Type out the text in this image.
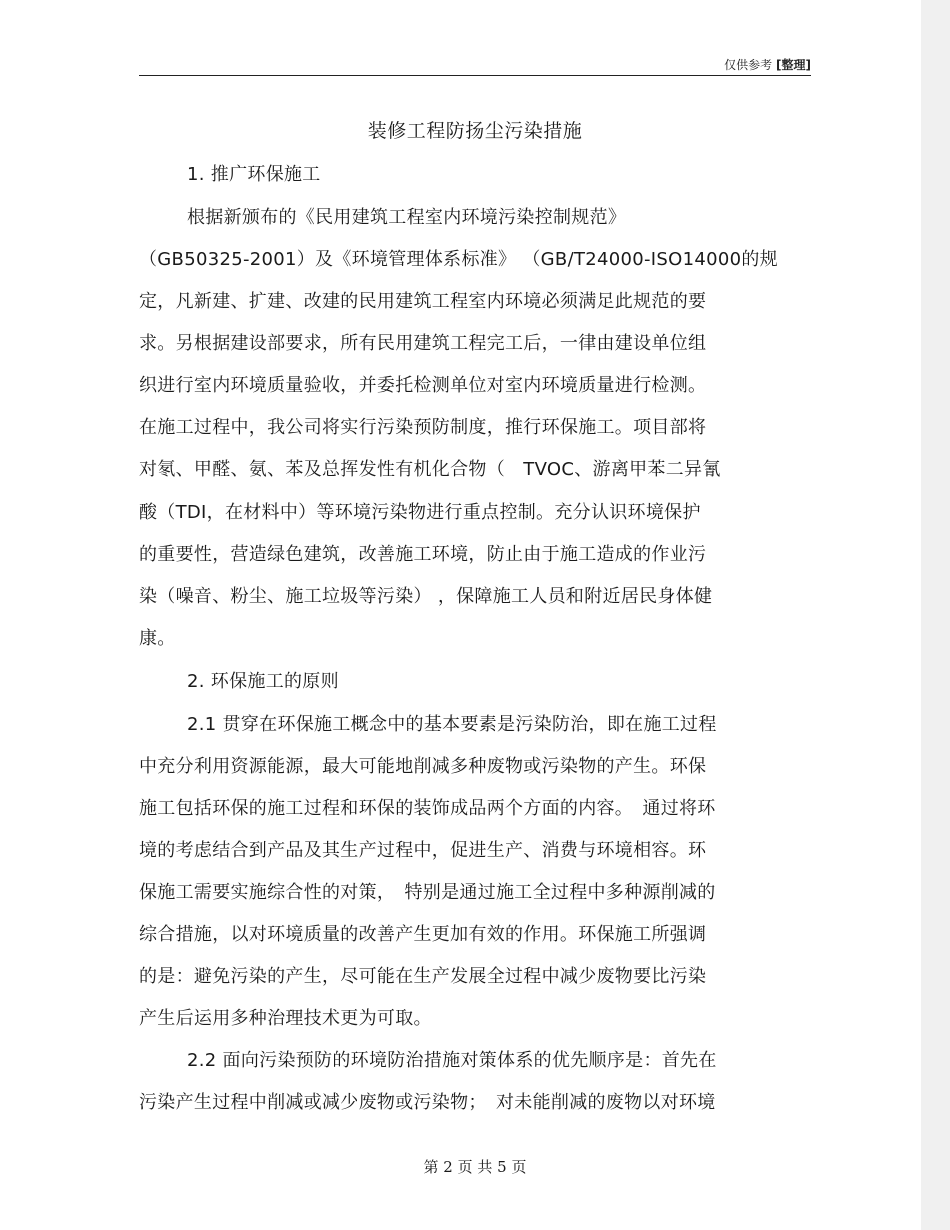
仅供参考 [整理]
装修工程防扬尘污染措施
1. 推广环保施工
根据新颁布的《民用建筑工程室内环境污染控制规范》
（GB50325-2001）及《环境管理体系标准》 （GB/T24000-ISO14000的规
定，凡新建、扩建、改建的民用建筑工程室内环境必须满足此规范的要
求。另根据建设部要求，所有民用建筑工程完工后，一律由建设单位组
织进行室内环境质量验收，并委托检测单位对室内环境质量进行检测。
在施工过程中，我公司将实行污染预防制度，推行环保施工。项目部将
对氡、甲醛、氨、苯及总挥发性有机化合物（　TVOC、游离甲苯二异氰
酸（TDI，在材料中）等环境污染物进行重点控制。充分认识环境保护
的重要性，营造绿色建筑，改善施工环境，防止由于施工造成的作业污
染（噪音、粉尘、施工垃圾等污染） ，保障施工人员和附近居民身体健
康。
2. 环保施工的原则
2.1 贯穿在环保施工概念中的基本要素是污染防治，即在施工过程
中充分利用资源能源，最大可能地削减多种废物或污染物的产生。环保
施工包括环保的施工过程和环保的装饰成品两个方面的内容。　通过将环
境的考虑结合到产品及其生产过程中，促进生产、消费与环境相容。环
保施工需要实施综合性的对策，　特别是通过施工全过程中多种源削减的
综合措施，以对环境质量的改善产生更加有效的作用。环保施工所强调
的是：避免污染的产生，尽可能在生产发展全过程中减少废物要比污染
产生后运用多种治理技术更为可取。
2.2 面向污染预防的环境防治措施对策体系的优先顺序是：首先在
污染产生过程中削减或减少废物或污染物；　对未能削减的废物以对环境
第 2 页 共 5 页
